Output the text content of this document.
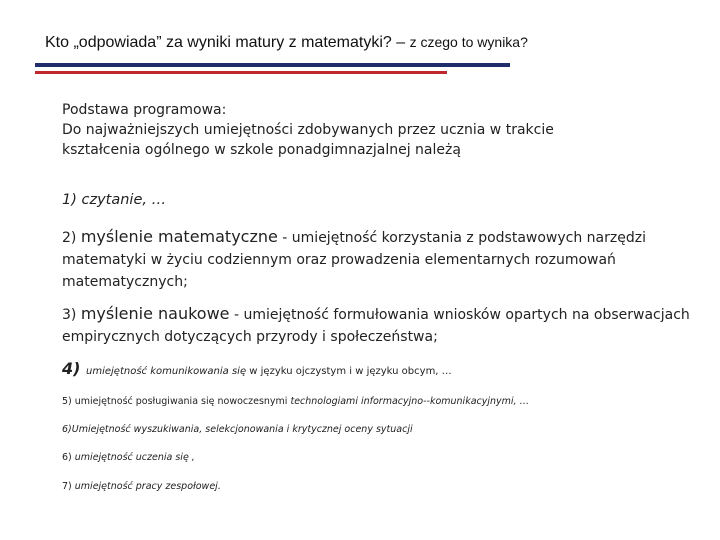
Kto „odpowiada” za wyniki matury z matematyki? – z czego to wynika?
Podstawa programowa:
Do najważniejszych umiejętności zdobywanych przez ucznia w trakcie
kształcenia ogólnego w szkole ponadgimnazjalnej należą
1) czytanie, …
2) myślenie matematyczne - umiejętność korzystania z podstawowych narzędzi matematyki w życiu codziennym oraz prowadzenia elementarnych rozumowań matematycznych;
3) myślenie naukowe - umiejętność formułowania wniosków opartych na obserwacjach empirycznych dotyczących przyrody i społeczeństwa;
4) umiejętność komunikowania się w języku ojczystym i w języku obcym, …
5) umiejętność posługiwania się nowoczesnymi technologiami informacyjno--komunikacyjnymi, …
6)Umiejętność wyszukiwania, selekcjonowania i krytycznej oceny sytuacji
6) umiejętność uczenia się ,
7) umiejętność pracy zespołowej.
